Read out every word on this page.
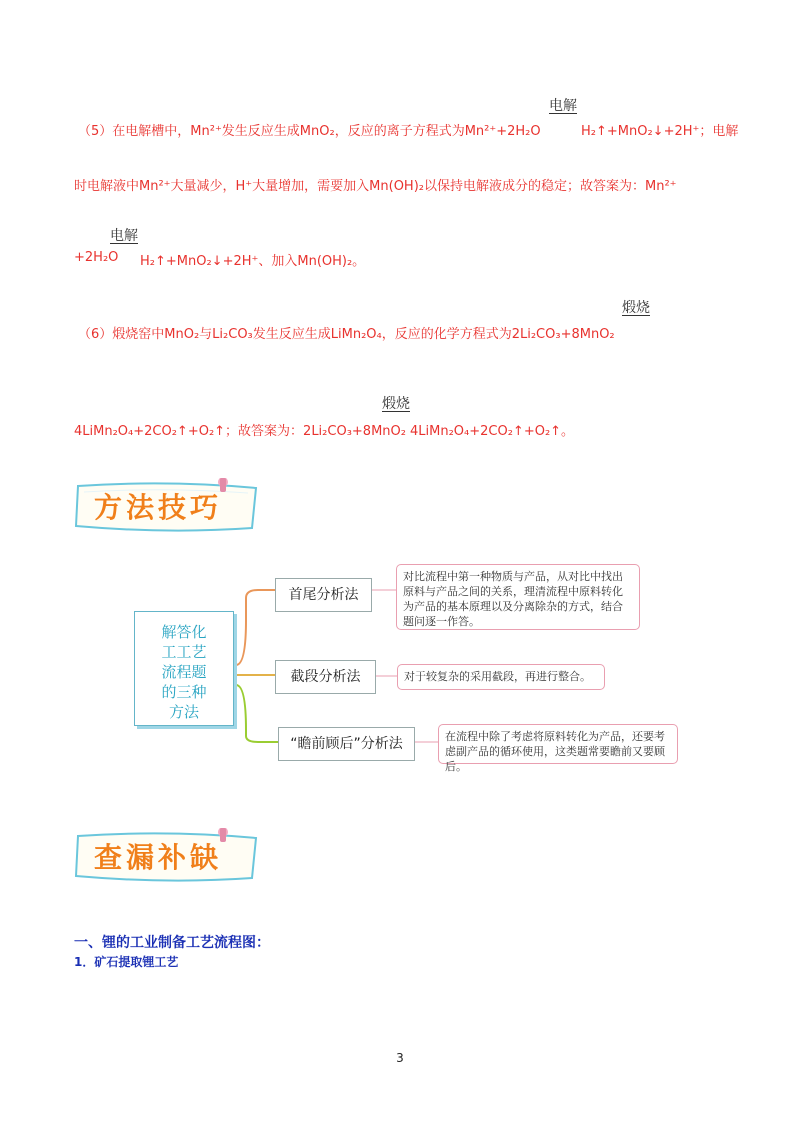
电解
（5）在电解槽中，Mn²⁺发生反应生成MnO₂，反应的离子方程式为Mn²⁺+2H₂O	H₂↑+MnO₂↓+2H⁺；电解
时电解液中Mn²⁺大量减少，H⁺大量增加，需要加入Mn(OH)₂以保持电解液成分的稳定；故答案为：Mn²⁺
电解
+2H₂O H₂↑+MnO₂↓+2H⁺、加入Mn(OH)₂。
煅烧
（6）煅烧窑中MnO₂与Li₂CO₃发生反应生成LiMn₂O₄，反应的化学方程式为2Li₂CO₃+8MnO₂
煅烧
4LiMn₂O₄+2CO₂↑+O₂↑；故答案为：2Li₂CO₃+8MnO₂ 4LiMn₂O₄+2CO₂↑+O₂↑。
方法技巧
解答化工工艺流程题的三种方法
首尾分析法
对比流程中第一种物质与产品，从对比中找出原料与产品之间的关系，理清流程中原料转化为产品的基本原理以及分离除杂的方式，结合题问逐一作答。
截段分析法	对于较复杂的采用截段，再进行整合。
“瞻前顾后”分析法	在流程中除了考虑将原料转化为产品，还要考虑副产品的循环使用，这类题常要瞻前又要顾后。
查漏补缺
一、锂的工业制备工艺流程图：
1．矿石提取锂工艺
3
